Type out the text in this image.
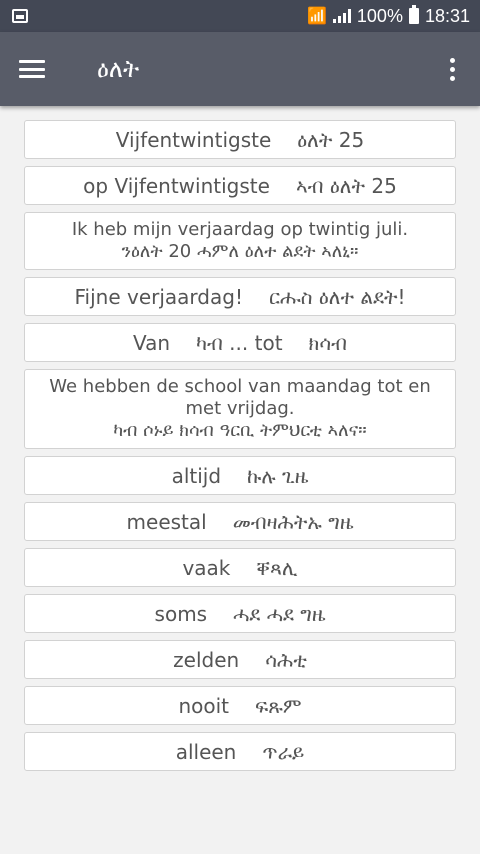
📶 100% 18:31
ዕለት
Vijfentwintigste ዕለት 25
op Vijfentwintigste ኣብ ዕለት 25
Ik heb mijn verjaardag op twintig juli.
ንዕለት 20 ሓምለ ዕለተ ልደት ኣለኒ።
Fijne verjaardag! ርሑስ ዕለተ ልደት!
Van ካብ ... tot ክሳብ
We hebben de school van maandag tot en met vrijdag.
ካብ ሶኑይ ክሳብ ዓርቢ ትምህርቲ ኣለና።
altijd ኩሉ ጊዜ
meestal መብዛሕትኡ ግዜ
vaak ቐጻሊ
soms ሓደ ሓደ ግዜ
zelden ሳሕቲ
nooit ፍጹም
alleen ጥራይ
